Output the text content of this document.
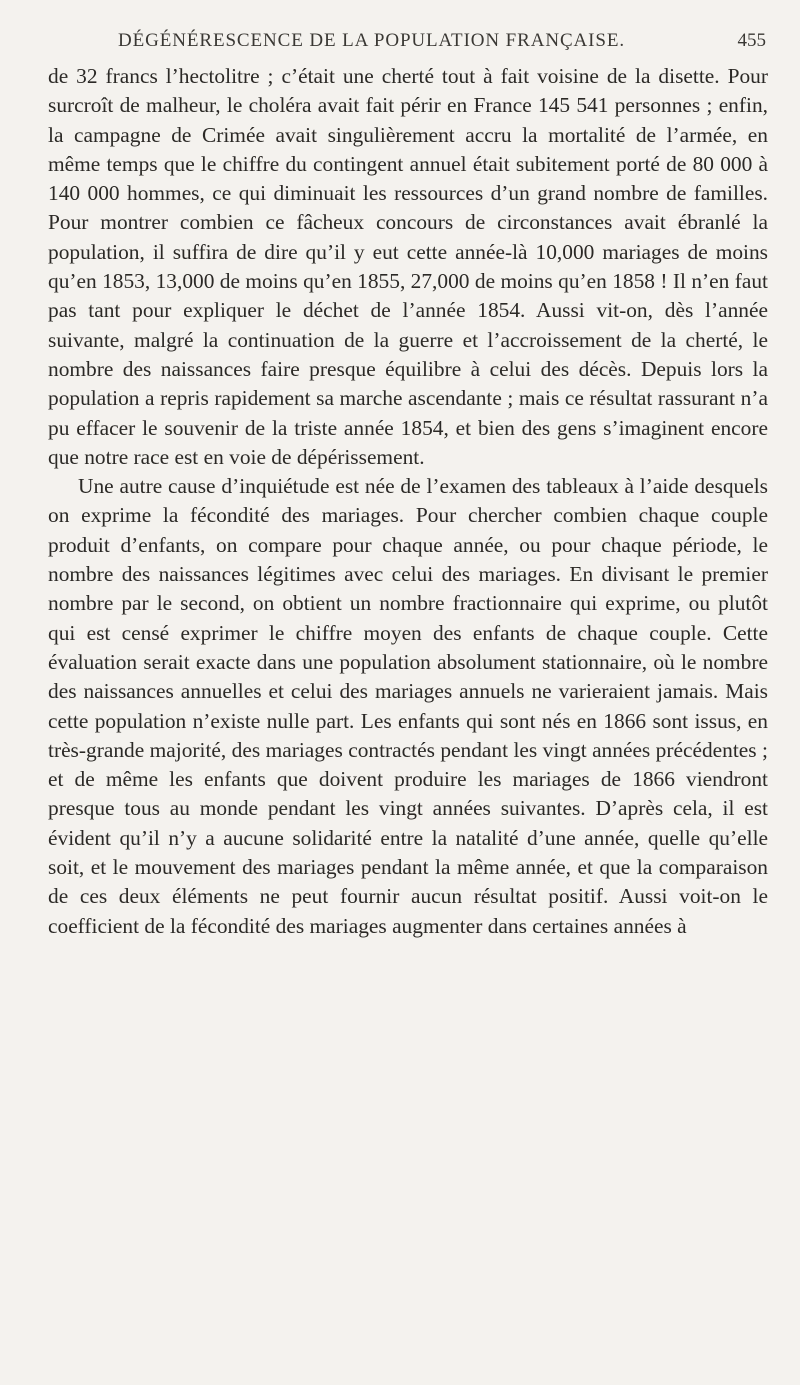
DÉGÉNÉRESCENCE DE LA POPULATION FRANÇAISE.	455

de 32 francs l’hectolitre ; c’était une cherté tout à fait voisine de la disette. Pour surcroît de malheur, le choléra avait fait périr en France 145 541 personnes ; enfin, la campagne de Crimée avait singulièrement accru la mortalité de l’armée, en même temps que le chiffre du contingent annuel était subitement porté de 80 000 à 140 000 hommes, ce qui diminuait les ressources d’un grand nombre de familles. Pour montrer combien ce fâcheux concours de circonstances avait ébranlé la population, il suffira de dire qu’il y eut cette année-là 10,000 mariages de moins qu’en 1853, 13,000 de moins qu’en 1855, 27,000 de moins qu’en 1858 ! Il n’en faut pas tant pour expliquer le déchet de l’année 1854. Aussi vit-on, dès l’année suivante, malgré la continuation de la guerre et l’accroissement de la cherté, le nombre des naissances faire presque équilibre à celui des décès. Depuis lors la population a repris rapidement sa marche ascendante ; mais ce résultat rassurant n’a pu effacer le souvenir de la triste année 1854, et bien des gens s’imaginent encore que notre race est en voie de dépérissement.

Une autre cause d’inquiétude est née de l’examen des tableaux à l’aide desquels on exprime la fécondité des mariages. Pour chercher combien chaque couple produit d’enfants, on compare pour chaque année, ou pour chaque période, le nombre des naissances légitimes avec celui des mariages. En divisant le premier nombre par le second, on obtient un nombre fractionnaire qui exprime, ou plutôt qui est censé exprimer le chiffre moyen des enfants de chaque couple. Cette évaluation serait exacte dans une population absolument stationnaire, où le nombre des naissances annuelles et celui des mariages annuels ne varieraient jamais. Mais cette population n’existe nulle part. Les enfants qui sont nés en 1866 sont issus, en très-grande majorité, des mariages contractés pendant les vingt années précédentes ; et de même les enfants que doivent produire les mariages de 1866 viendront presque tous au monde pendant les vingt années suivantes. D’après cela, il est évident qu’il n’y a aucune solidarité entre la natalité d’une année, quelle qu’elle soit, et le mouvement des mariages pendant la même année, et que la comparaison de ces deux éléments ne peut fournir aucun résultat positif. Aussi voit-on le coefficient de la fécondité des mariages augmenter dans certaines années à
